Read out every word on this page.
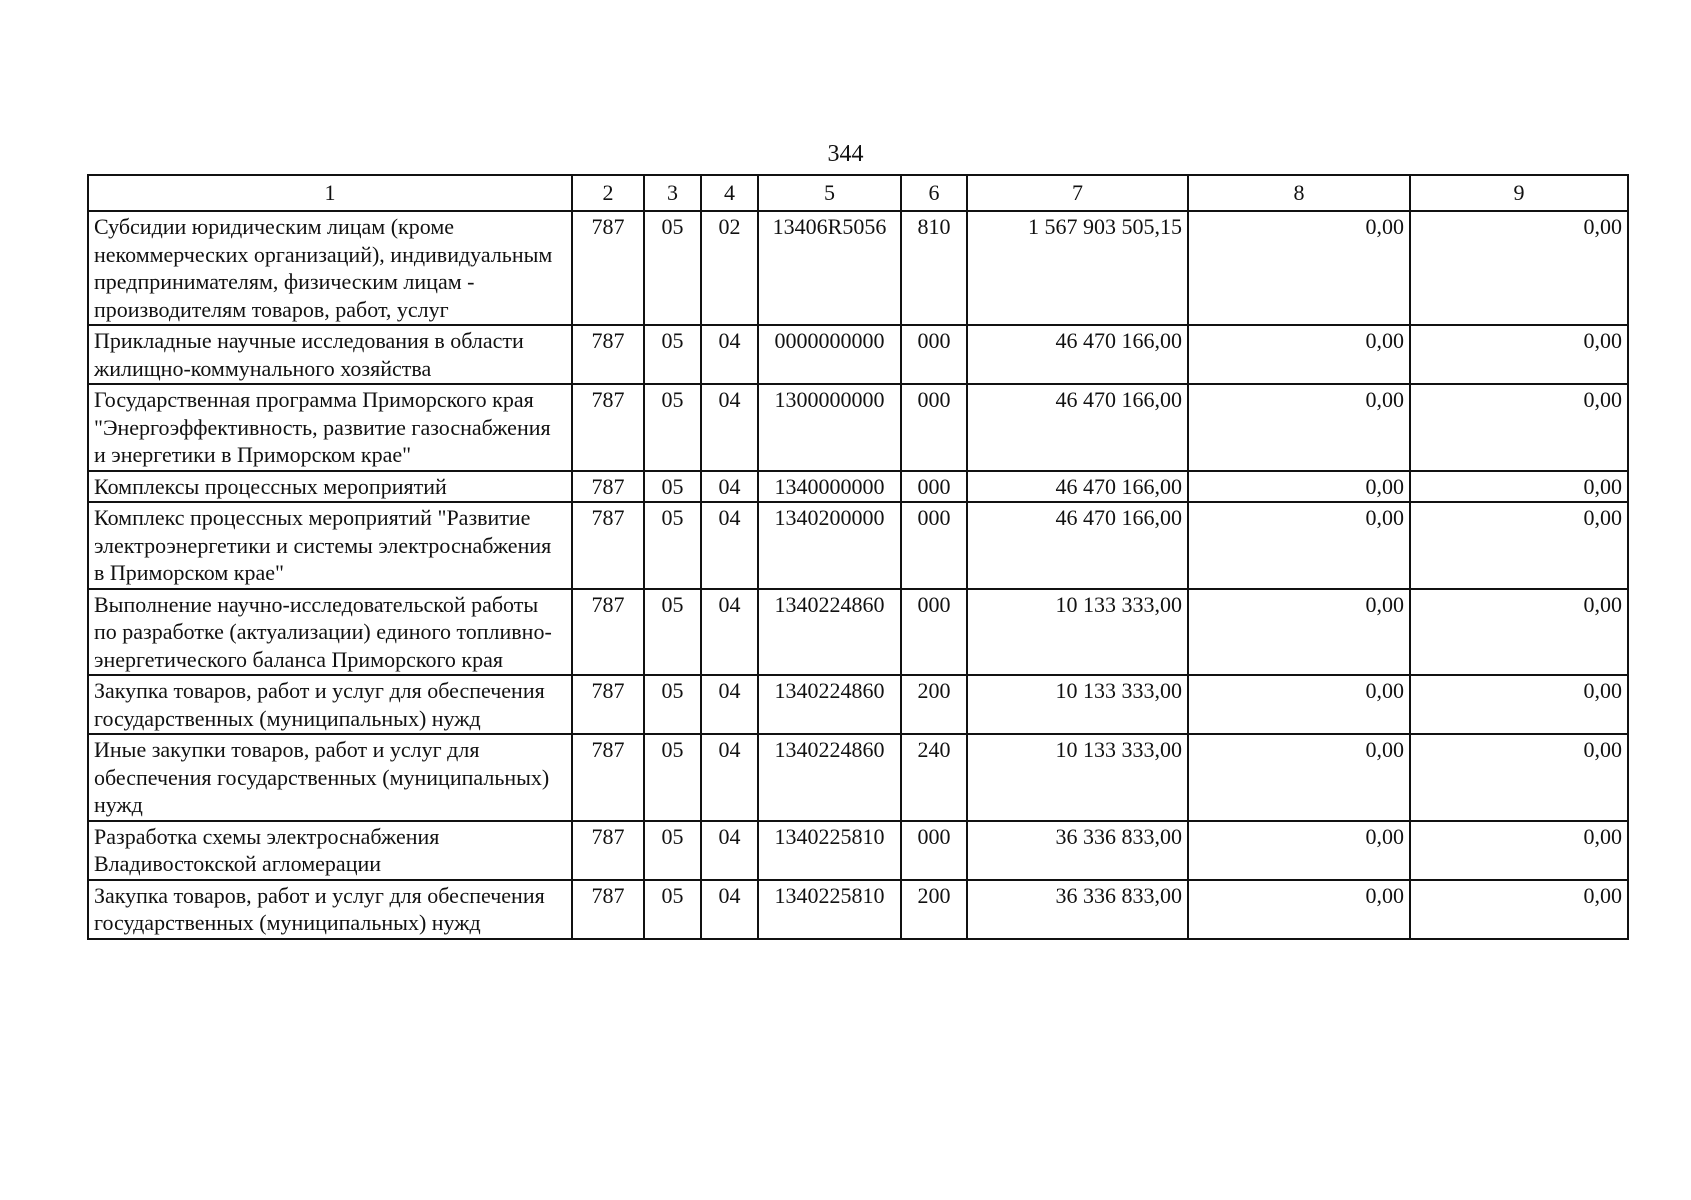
344
1	2	3	4	5	6	7	8	9
Субсидии юридическим лицам (кроме некоммерческих организаций), индивидуальным предпринимателям, физическим лицам - производителям товаров, работ, услуг	787	05	02	13406R5056	810	1 567 903 505,15	0,00	0,00
Прикладные научные исследования в области жилищно-коммунального хозяйства	787	05	04	0000000000	000	46 470 166,00	0,00	0,00
Государственная программа Приморского края "Энергоэффективность, развитие газоснабжения и энергетики в Приморском крае"	787	05	04	1300000000	000	46 470 166,00	0,00	0,00
Комплексы процессных мероприятий	787	05	04	1340000000	000	46 470 166,00	0,00	0,00
Комплекс процессных мероприятий "Развитие электроэнергетики и системы электроснабжения в Приморском крае"	787	05	04	1340200000	000	46 470 166,00	0,00	0,00
Выполнение научно-исследовательской работы по разработке (актуализации) единого топливно-энергетического баланса Приморского края	787	05	04	1340224860	000	10 133 333,00	0,00	0,00
Закупка товаров, работ и услуг для обеспечения государственных (муниципальных) нужд	787	05	04	1340224860	200	10 133 333,00	0,00	0,00
Иные закупки товаров, работ и услуг для обеспечения государственных (муниципальных) нужд	787	05	04	1340224860	240	10 133 333,00	0,00	0,00
Разработка схемы электроснабжения Владивостокской агломерации	787	05	04	1340225810	000	36 336 833,00	0,00	0,00
Закупка товаров, работ и услуг для обеспечения государственных (муниципальных) нужд	787	05	04	1340225810	200	36 336 833,00	0,00	0,00
